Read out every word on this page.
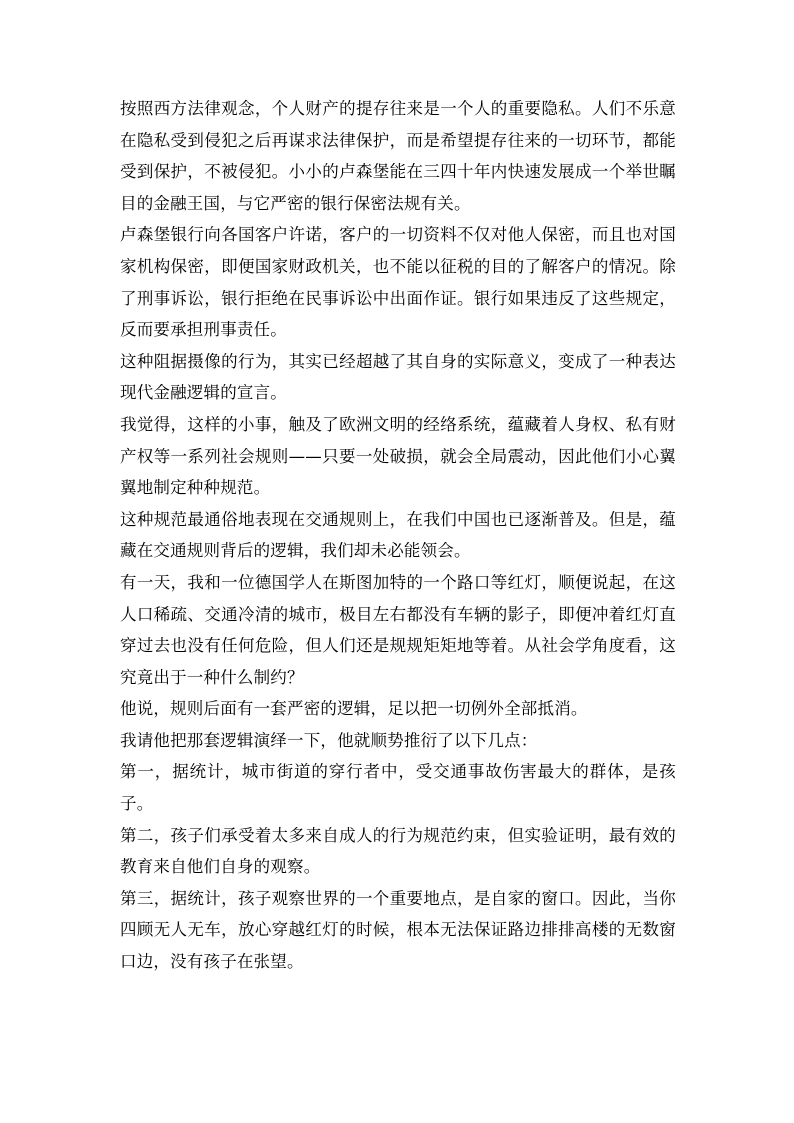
按照西方法律观念，个人财产的提存往来是一个人的重要隐私。人们不乐意在隐私受到侵犯之后再谋求法律保护，而是希望提存往来的一切环节，都能受到保护，不被侵犯。小小的卢森堡能在三四十年内快速发展成一个举世瞩目的金融王国，与它严密的银行保密法规有关。

卢森堡银行向各国客户许诺，客户的一切资料不仅对他人保密，而且也对国家机构保密，即便国家财政机关，也不能以征税的目的了解客户的情况。除了刑事诉讼，银行拒绝在民事诉讼中出面作证。银行如果违反了这些规定，反而要承担刑事责任。

这种阻据摄像的行为，其实已经超越了其自身的实际意义，变成了一种表达现代金融逻辑的宣言。

我觉得，这样的小事，触及了欧洲文明的经络系统，蕴藏着人身权、私有财产权等一系列社会规则——只要一处破损，就会全局震动，因此他们小心翼翼地制定种种规范。

这种规范最通俗地表现在交通规则上，在我们中国也已逐渐普及。但是，蕴藏在交通规则背后的逻辑，我们却未必能领会。

有一天，我和一位德国学人在斯图加特的一个路口等红灯，顺便说起，在这人口稀疏、交通冷清的城市，极目左右都没有车辆的影子，即便冲着红灯直穿过去也没有任何危险，但人们还是规规矩矩地等着。从社会学角度看，这究竟出于一种什么制约？

他说，规则后面有一套严密的逻辑，足以把一切例外全部抵消。

我请他把那套逻辑演绎一下，他就顺势推衍了以下几点：

第一，据统计，城市街道的穿行者中，受交通事故伤害最大的群体，是孩子。

第二，孩子们承受着太多来自成人的行为规范约束，但实验证明，最有效的教育来自他们自身的观察。

第三，据统计，孩子观察世界的一个重要地点，是自家的窗口。因此，当你四顾无人无车，放心穿越红灯的时候，根本无法保证路边排排高楼的无数窗口边，没有孩子在张望。
